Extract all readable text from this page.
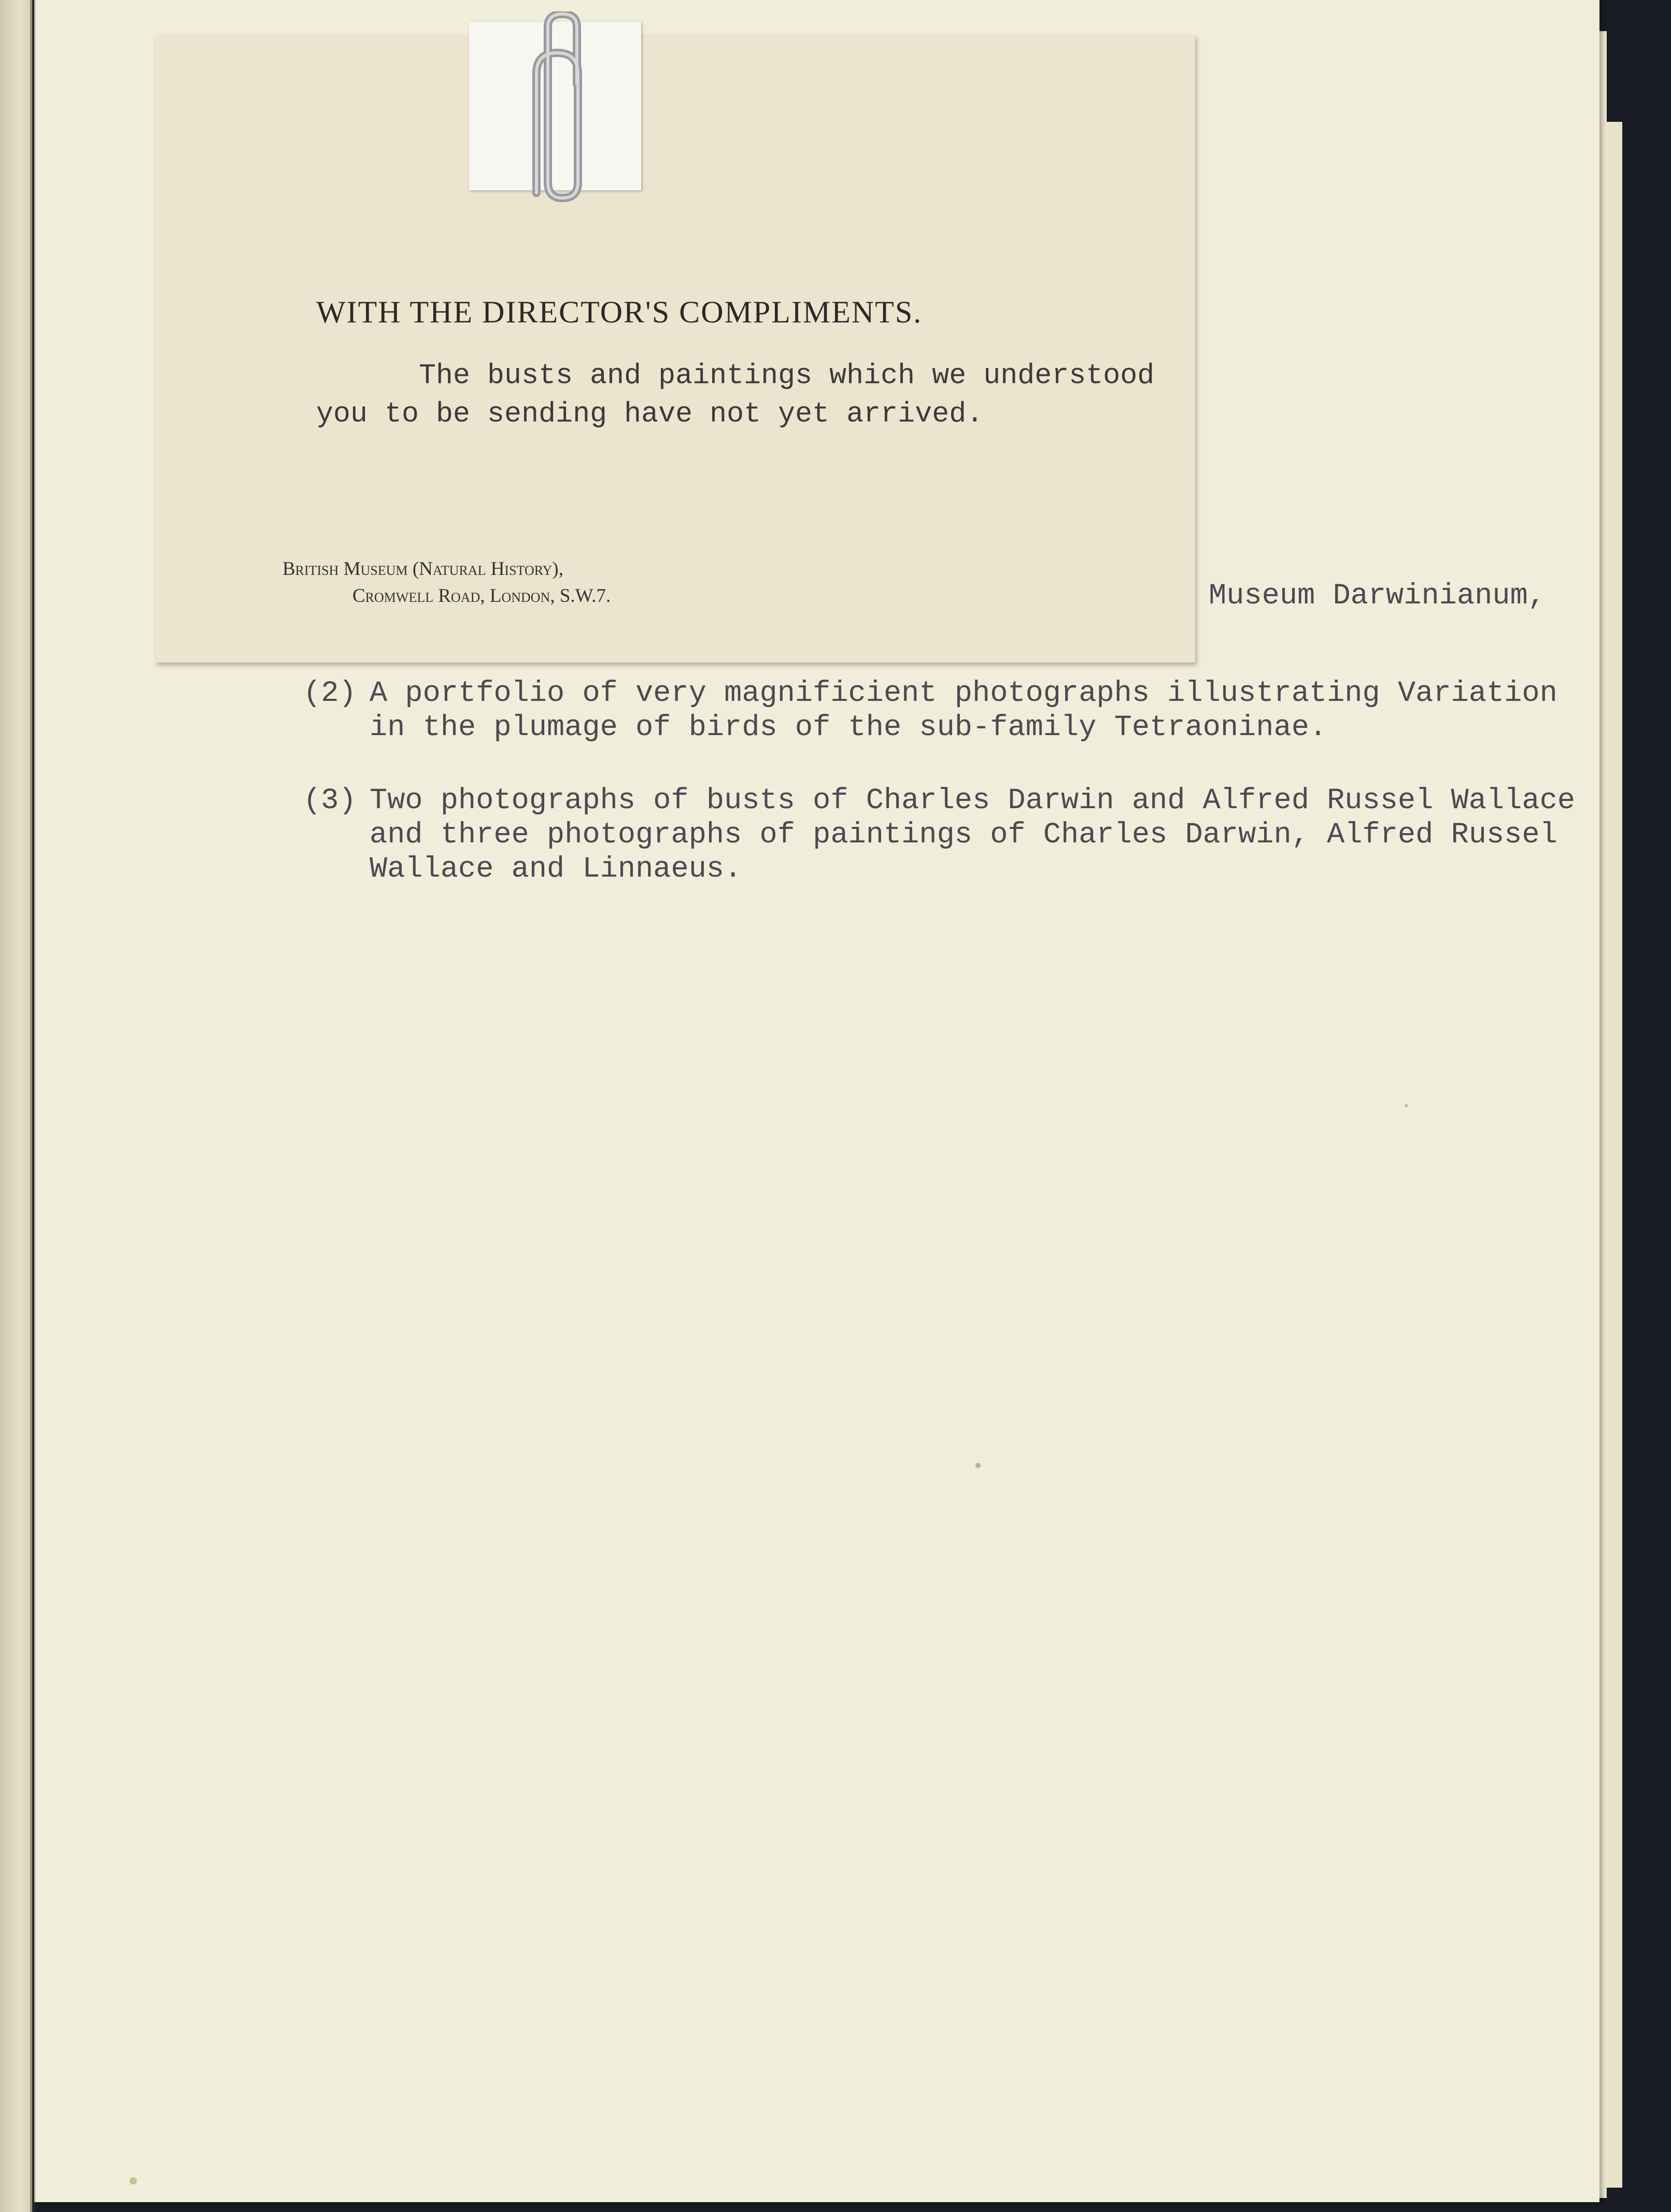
WITH THE DIRECTOR'S COMPLIMENTS.
The busts and paintings which we understood
you to be sending have not yet arrived.
British Museum (Natural History),
Cromwell Road, London, S.W.7.	Museum Darwinianum,
(2) A portfolio of very magnificient photographs illustrating Variation
in the plumage of birds of the sub-family Tetraoninae.
(3) Two photographs of busts of Charles Darwin and Alfred Russel Wallace
and three photographs of paintings of Charles Darwin, Alfred Russel
Wallace and Linnaeus.
